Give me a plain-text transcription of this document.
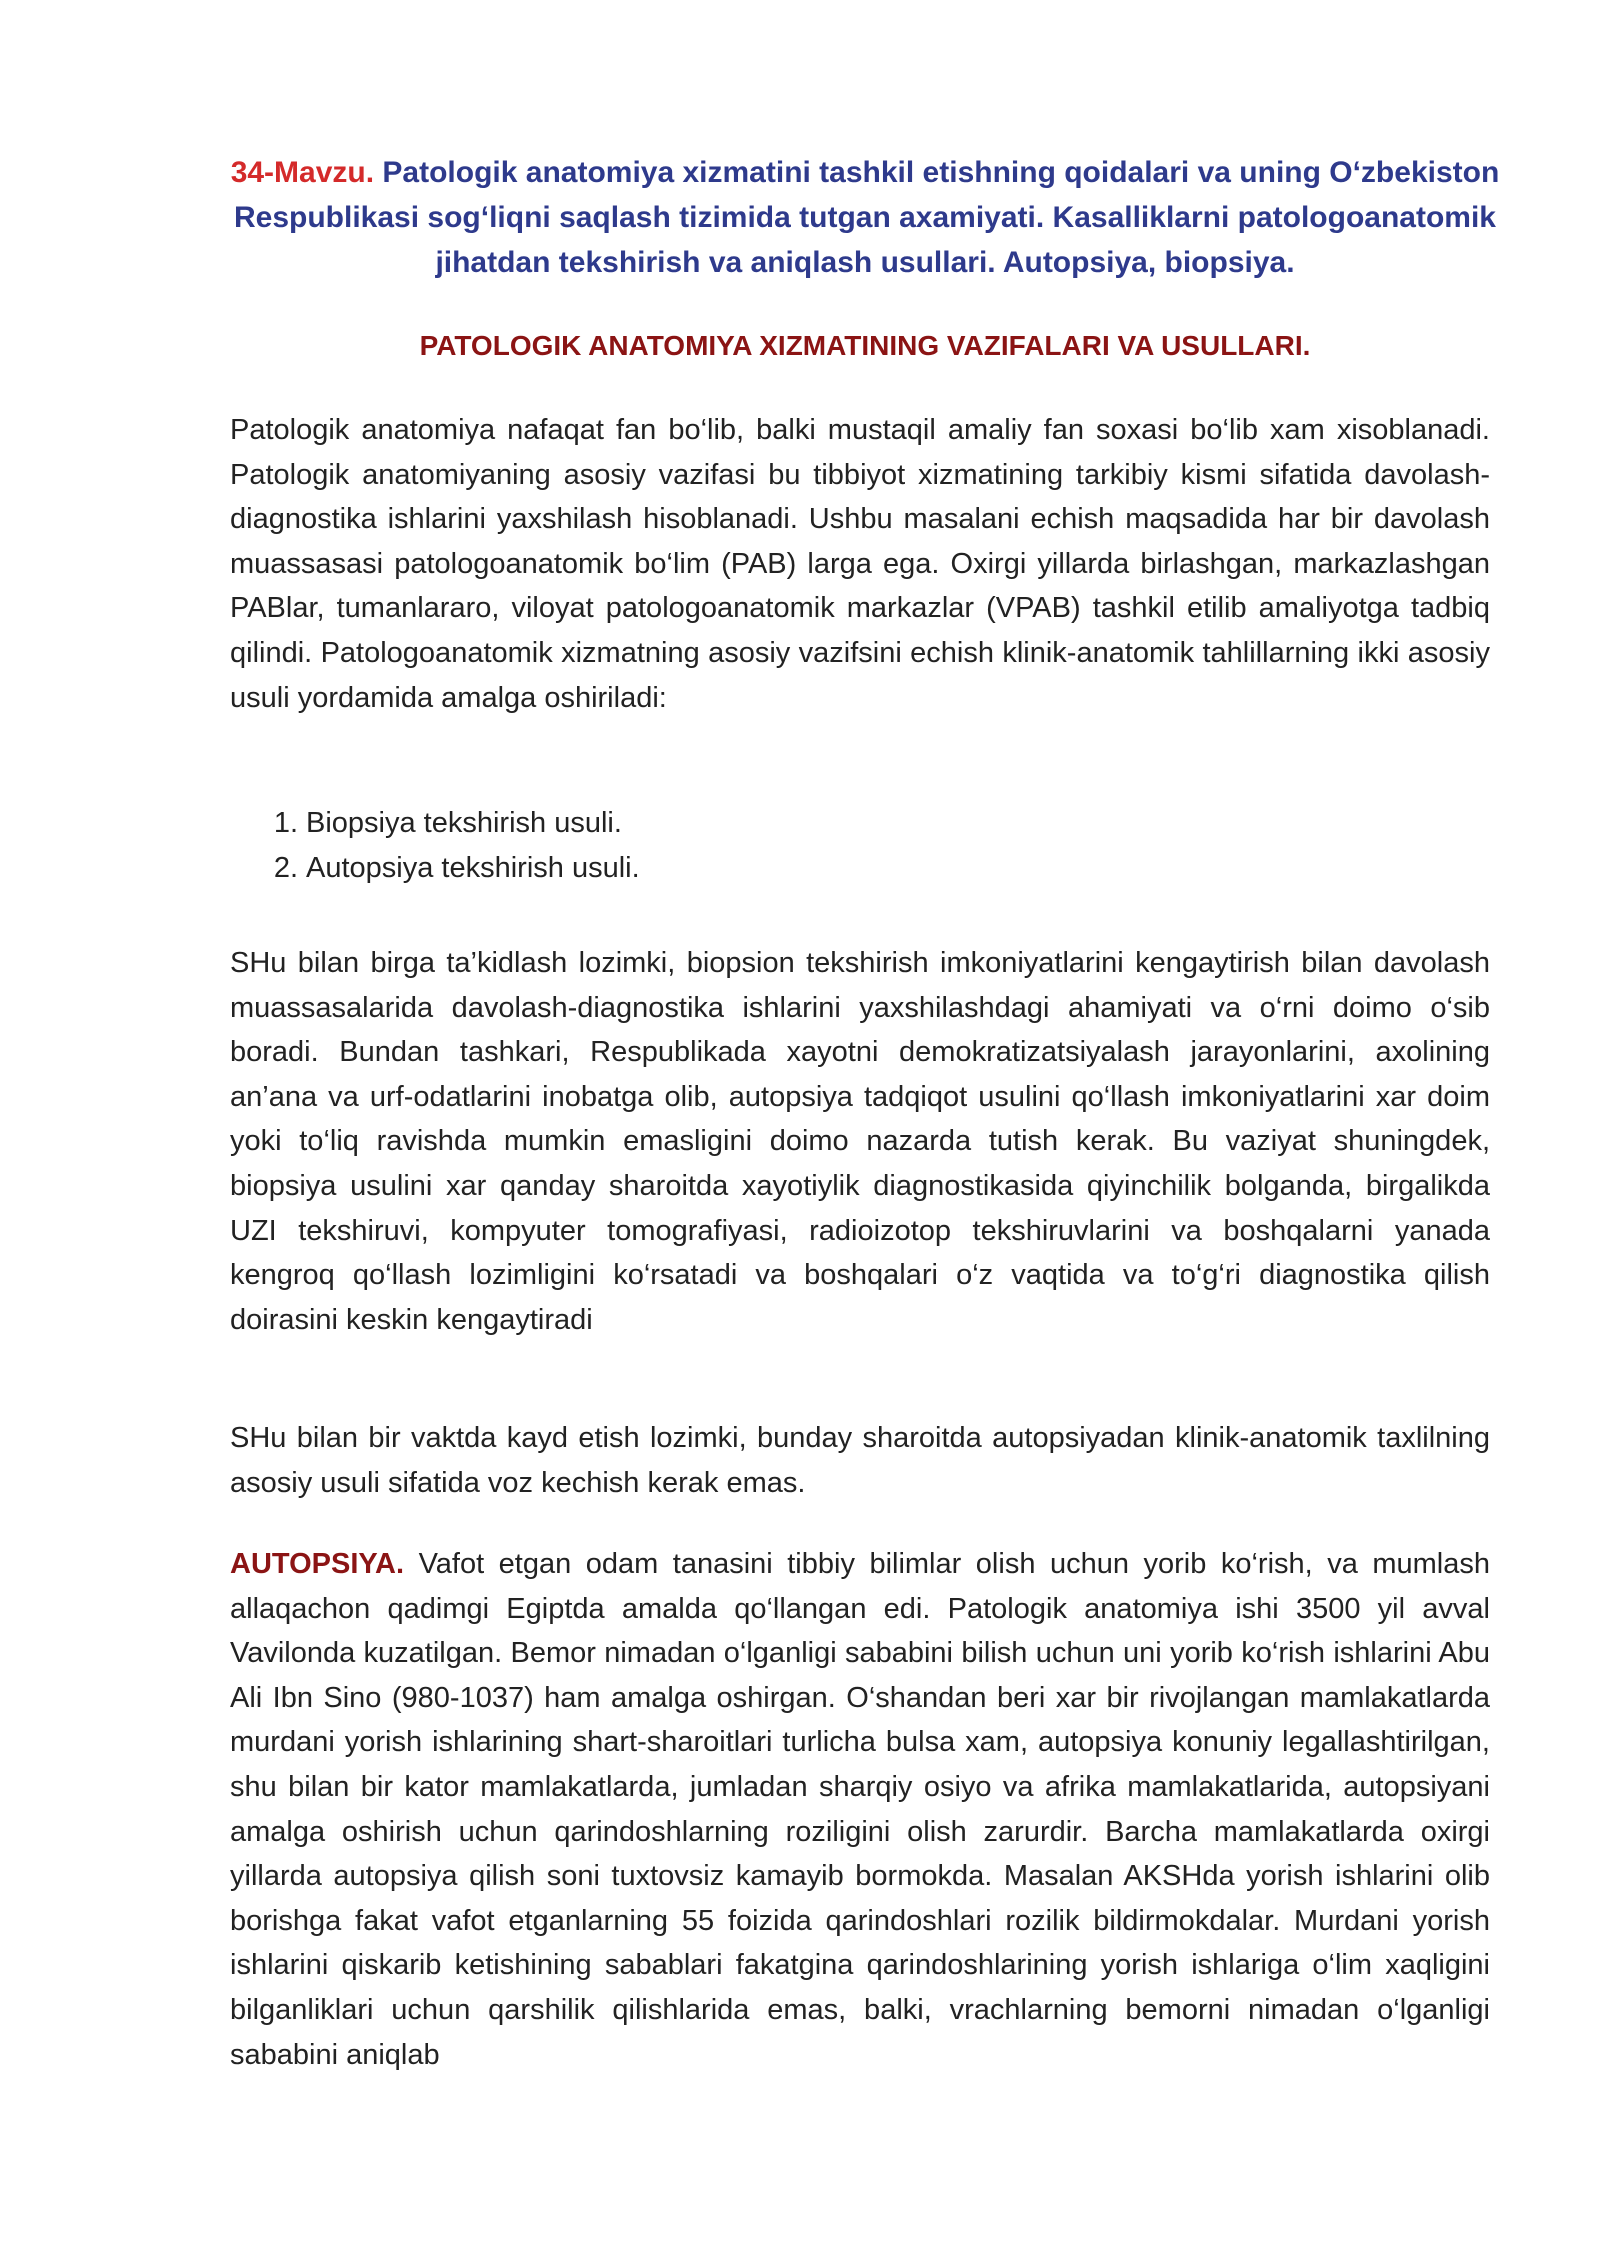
34-Mavzu. Patologik anatomiya xizmatini tashkil etishning qoidalari va uning O‘zbekiston Respublikasi sog‘liqni saqlash tizimida tutgan axamiyati. Kasalliklarni patologoanatomik jihatdan tekshirish va aniqlash usullari. Autopsiya, biopsiya.
PATOLOGIK ANATOMIYA XIZMATINING VAZIFALARI VA USULLARI.
Patologik anatomiya nafaqat fan bo‘lib, balki mustaqil amaliy fan soxasi bo‘lib xam xisoblanadi. Patologik anatomiyaning asosiy vazifasi bu tibbiyot xizmatining tarkibiy kismi sifatida davolash-diagnostika ishlarini yaxshilash hisoblanadi. Ushbu masalani echish maqsadida har bir davolash muassasasi patologoanatomik bo‘lim (PAB) larga ega. Oxirgi yillarda birlashgan, markazlashgan PABlar, tumanlararo, viloyat patologoanatomik markazlar (VPAB) tashkil etilib amaliyotga tadbiq qilindi. Patologoanatomik xizmatning asosiy vazifsini echish klinik-anatomik tahlillarning ikki asosiy usuli yordamida amalga oshiriladi:
1. Biopsiya tekshirish usuli.
2. Autopsiya tekshirish usuli.
SHu bilan birga ta’kidlash lozimki, biopsion tekshirish imkoniyatlarini kengaytirish bilan davolash muassasalarida davolash-diagnostika ishlarini yaxshilashdagi ahamiyati va o‘rni doimo o‘sib boradi. Bundan tashkari, Respublikada xayotni demokratizatsiyalash jarayonlarini, axolining an’ana va urf-odatlarini inobatga olib, autopsiya tadqiqot usulini qo‘llash imkoniyatlarini xar doim yoki to‘liq ravishda mumkin emasligini doimo nazarda tutish kerak. Bu vaziyat shuningdek, biopsiya usulini xar qanday sharoitda xayotiylik diagnostikasida qiyinchilik bolganda, birgalikda UZI tekshiruvi, kompyuter tomografiyasi, radioizotop tekshiruvlarini va boshqalarni yanada kengroq qo‘llash lozimligini ko‘rsatadi va boshqalari o‘z vaqtida va to‘g‘ri diagnostika qilish doirasini keskin kengaytiradi
SHu bilan bir vaktda kayd etish lozimki, bunday sharoitda autopsiyadan klinik-anatomik taxlilning asosiy usuli sifatida voz kechish kerak emas.
AUTOPSIYA. Vafot etgan odam tanasini tibbiy bilimlar olish uchun yorib ko‘rish, va mumlash allaqachon qadimgi Egiptda amalda qo‘llangan edi. Patologik anatomiya ishi 3500 yil avval Vavilonda kuzatilgan. Bemor nimadan o‘lganligi sababini bilish uchun uni yorib ko‘rish ishlarini Abu Ali Ibn Sino (980-1037) ham amalga oshirgan. O‘shandan beri xar bir rivojlangan mamlakatlarda murdani yorish ishlarining shart-sharoitlari turlicha bulsa xam, autopsiya konuniy legallashtirilgan, shu bilan bir kator mamlakatlarda, jumladan sharqiy osiyo va afrika mamlakatlarida, autopsiyani amalga oshirish uchun qarindoshlarning roziligini olish zarurdir. Barcha mamlakatlarda oxirgi yillarda autopsiya qilish soni tuxtovsiz kamayib bormokda. Masalan AKSHda yorish ishlarini olib borishga fakat vafot etganlarning 55 foizida qarindoshlari rozilik bildirmokdalar. Murdani yorish ishlarini qiskarib ketishining sabablari fakatgina qarindoshlarining yorish ishlariga o‘lim xaqligini bilganliklari uchun qarshilik qilishlarida emas, balki, vrachlarning bemorni nimadan o‘lganligi sababini aniqlab
